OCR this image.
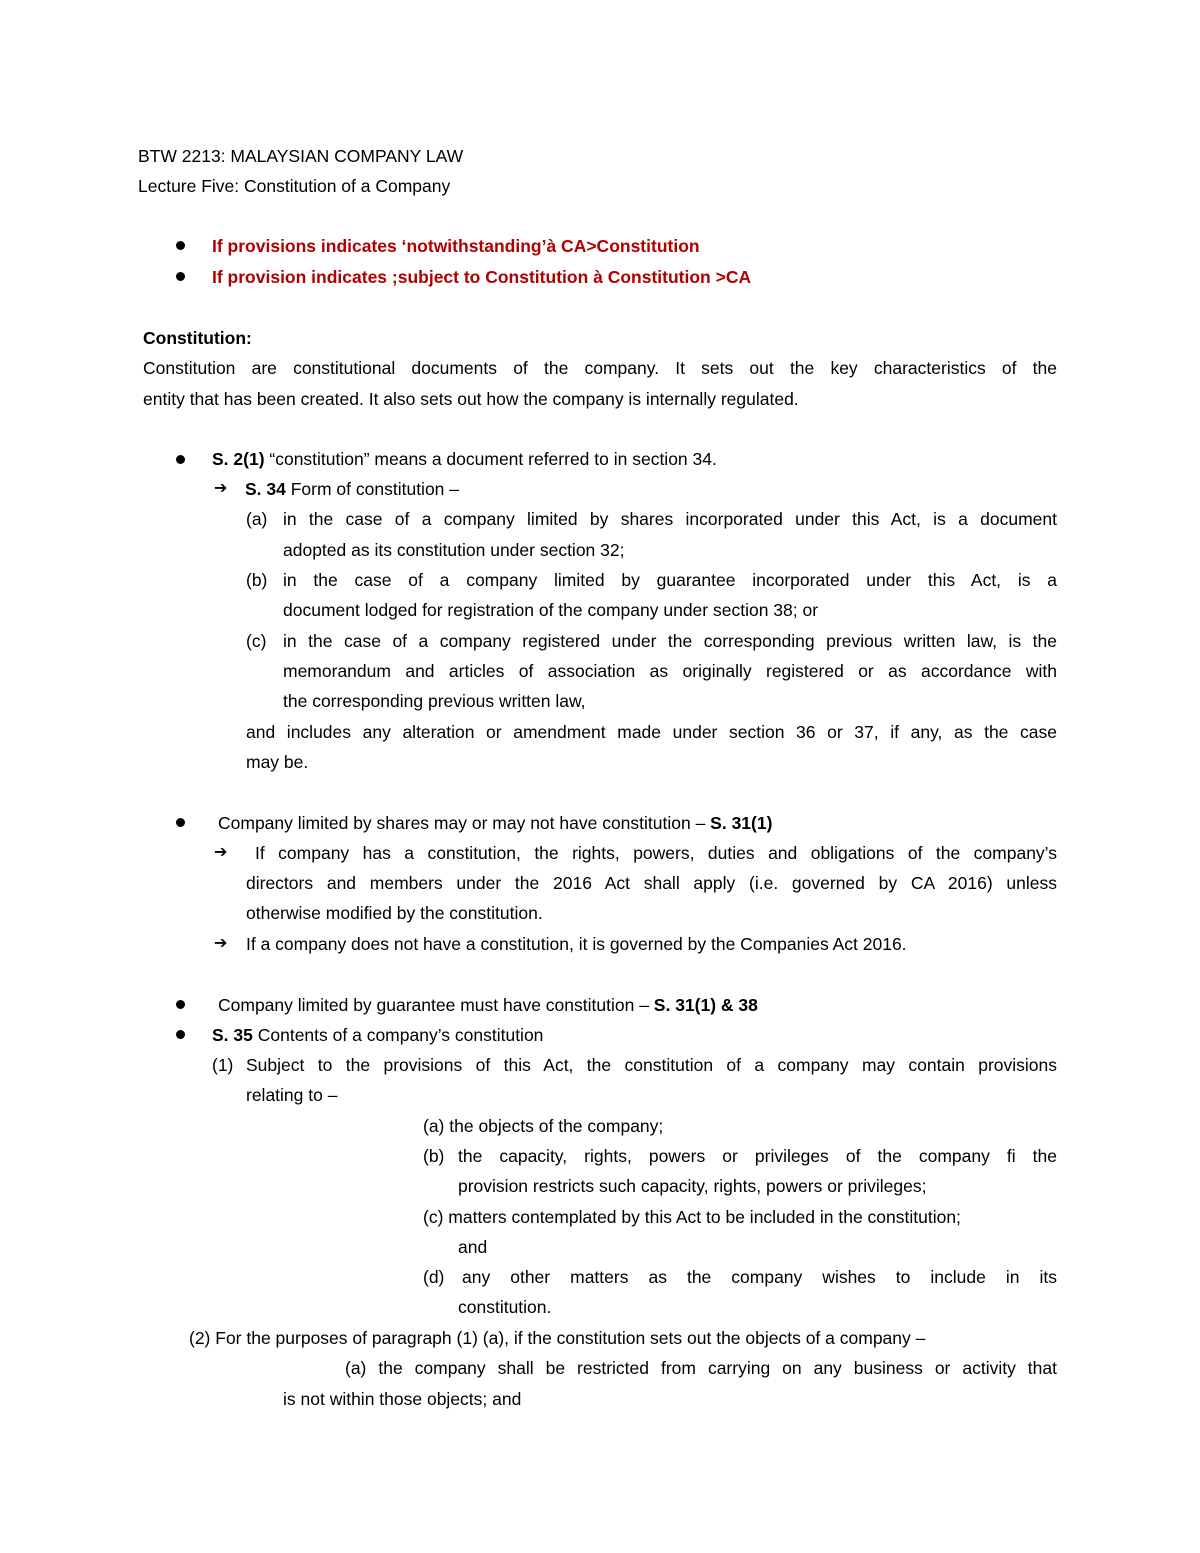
BTW 2213: MALAYSIAN COMPANY LAW
Lecture Five: Constitution of a Company
If provisions indicates ‘notwithstanding’à CA>Constitution
If provision indicates ;subject to Constitution à Constitution >CA
Constitution:
Constitution are constitutional documents of the company. It sets out the key characteristics of the
entity that has been created. It also sets out how the company is internally regulated.
S. 2(1) “constitution” means a document referred to in section 34.
➔ S. 34 Form of constitution –
(a) in the case of a company limited by shares incorporated under this Act, is a document
adopted as its constitution under section 32;
(b) in the case of a company limited by guarantee incorporated under this Act, is a
document lodged for registration of the company under section 38; or
(c) in the case of a company registered under the corresponding previous written law, is the
memorandum and articles of association as originally registered or as accordance with
the corresponding previous written law,
and includes any alteration or amendment made under section 36 or 37, if any, as the case
may be.
Company limited by shares may or may not have constitution – S. 31(1)
➔ If company has a constitution, the rights, powers, duties and obligations of the company’s
directors and members under the 2016 Act shall apply (i.e. governed by CA 2016) unless
otherwise modified by the constitution.
➔ If a company does not have a constitution, it is governed by the Companies Act 2016.
Company limited by guarantee must have constitution – S. 31(1) & 38
S. 35 Contents of a company’s constitution
(1) Subject to the provisions of this Act, the constitution of a company may contain provisions
relating to –
(a) the objects of the company;
(b) the capacity, rights, powers or privileges of the company fi the
provision restricts such capacity, rights, powers or privileges;
(c) matters contemplated by this Act to be included in the constitution;
and
(d) any other matters as the company wishes to include in its
constitution.
(2) For the purposes of paragraph (1) (a), if the constitution sets out the objects of a company –
(a) the company shall be restricted from carrying on any business or activity that
is not within those objects; and
